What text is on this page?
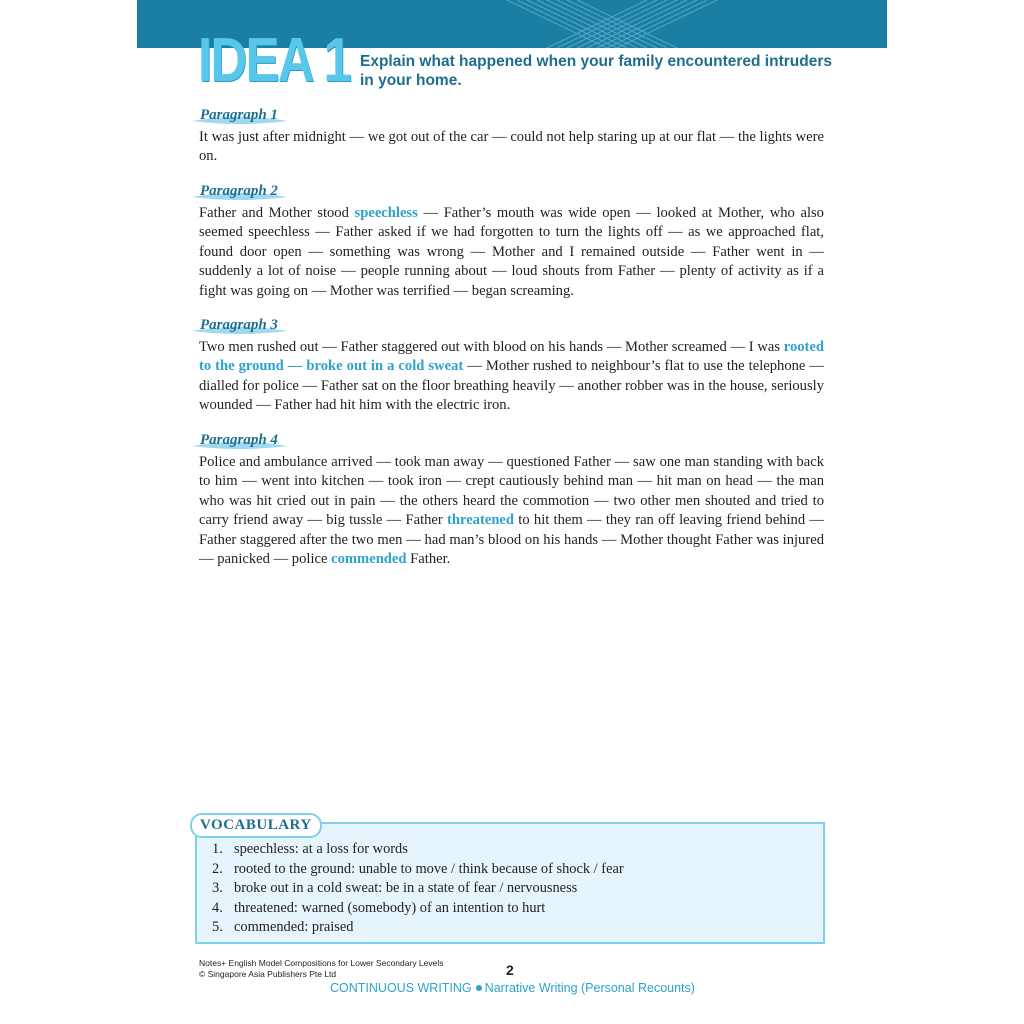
IDEA 1 Explain what happened when your family encountered intruders in your home.
Paragraph 1
It was just after midnight — we got out of the car — could not help staring up at our flat — the lights were on.
Paragraph 2
Father and Mother stood speechless — Father’s mouth was wide open — looked at Mother, who also seemed speechless — Father asked if we had forgotten to turn the lights off — as we approached flat, found door open — something was wrong — Mother and I remained outside — Father went in — suddenly a lot of noise — people running about — loud shouts from Father — plenty of activity as if a fight was going on — Mother was terrified — began screaming.
Paragraph 3
Two men rushed out — Father staggered out with blood on his hands — Mother screamed — I was rooted to the ground — broke out in a cold sweat — Mother rushed to neighbour’s flat to use the telephone — dialled for police — Father sat on the floor breathing heavily — another robber was in the house, seriously wounded — Father had hit him with the electric iron.
Paragraph 4
Police and ambulance arrived — took man away — questioned Father — saw one man standing with back to him — went into kitchen — took iron — crept cautiously behind man — hit man on head — the man who was hit cried out in pain — the others heard the commotion — two other men shouted and tried to carry friend away — big tussle — Father threatened to hit them — they ran off leaving friend behind — Father staggered after the two men — had man’s blood on his hands — Mother thought Father was injured — panicked — police commended Father.
VOCABULARY
1. speechless: at a loss for words
2. rooted to the ground: unable to move / think because of shock / fear
3. broke out in a cold sweat: be in a state of fear / nervousness
4. threatened: warned (somebody) of an intention to hurt
5. commended: praised
Notes+ English Model Compositions for Lower Secondary Levels
© Singapore Asia Publishers Pte Ltd	2
CONTINUOUS WRITING Narrative Writing (Personal Recounts)
